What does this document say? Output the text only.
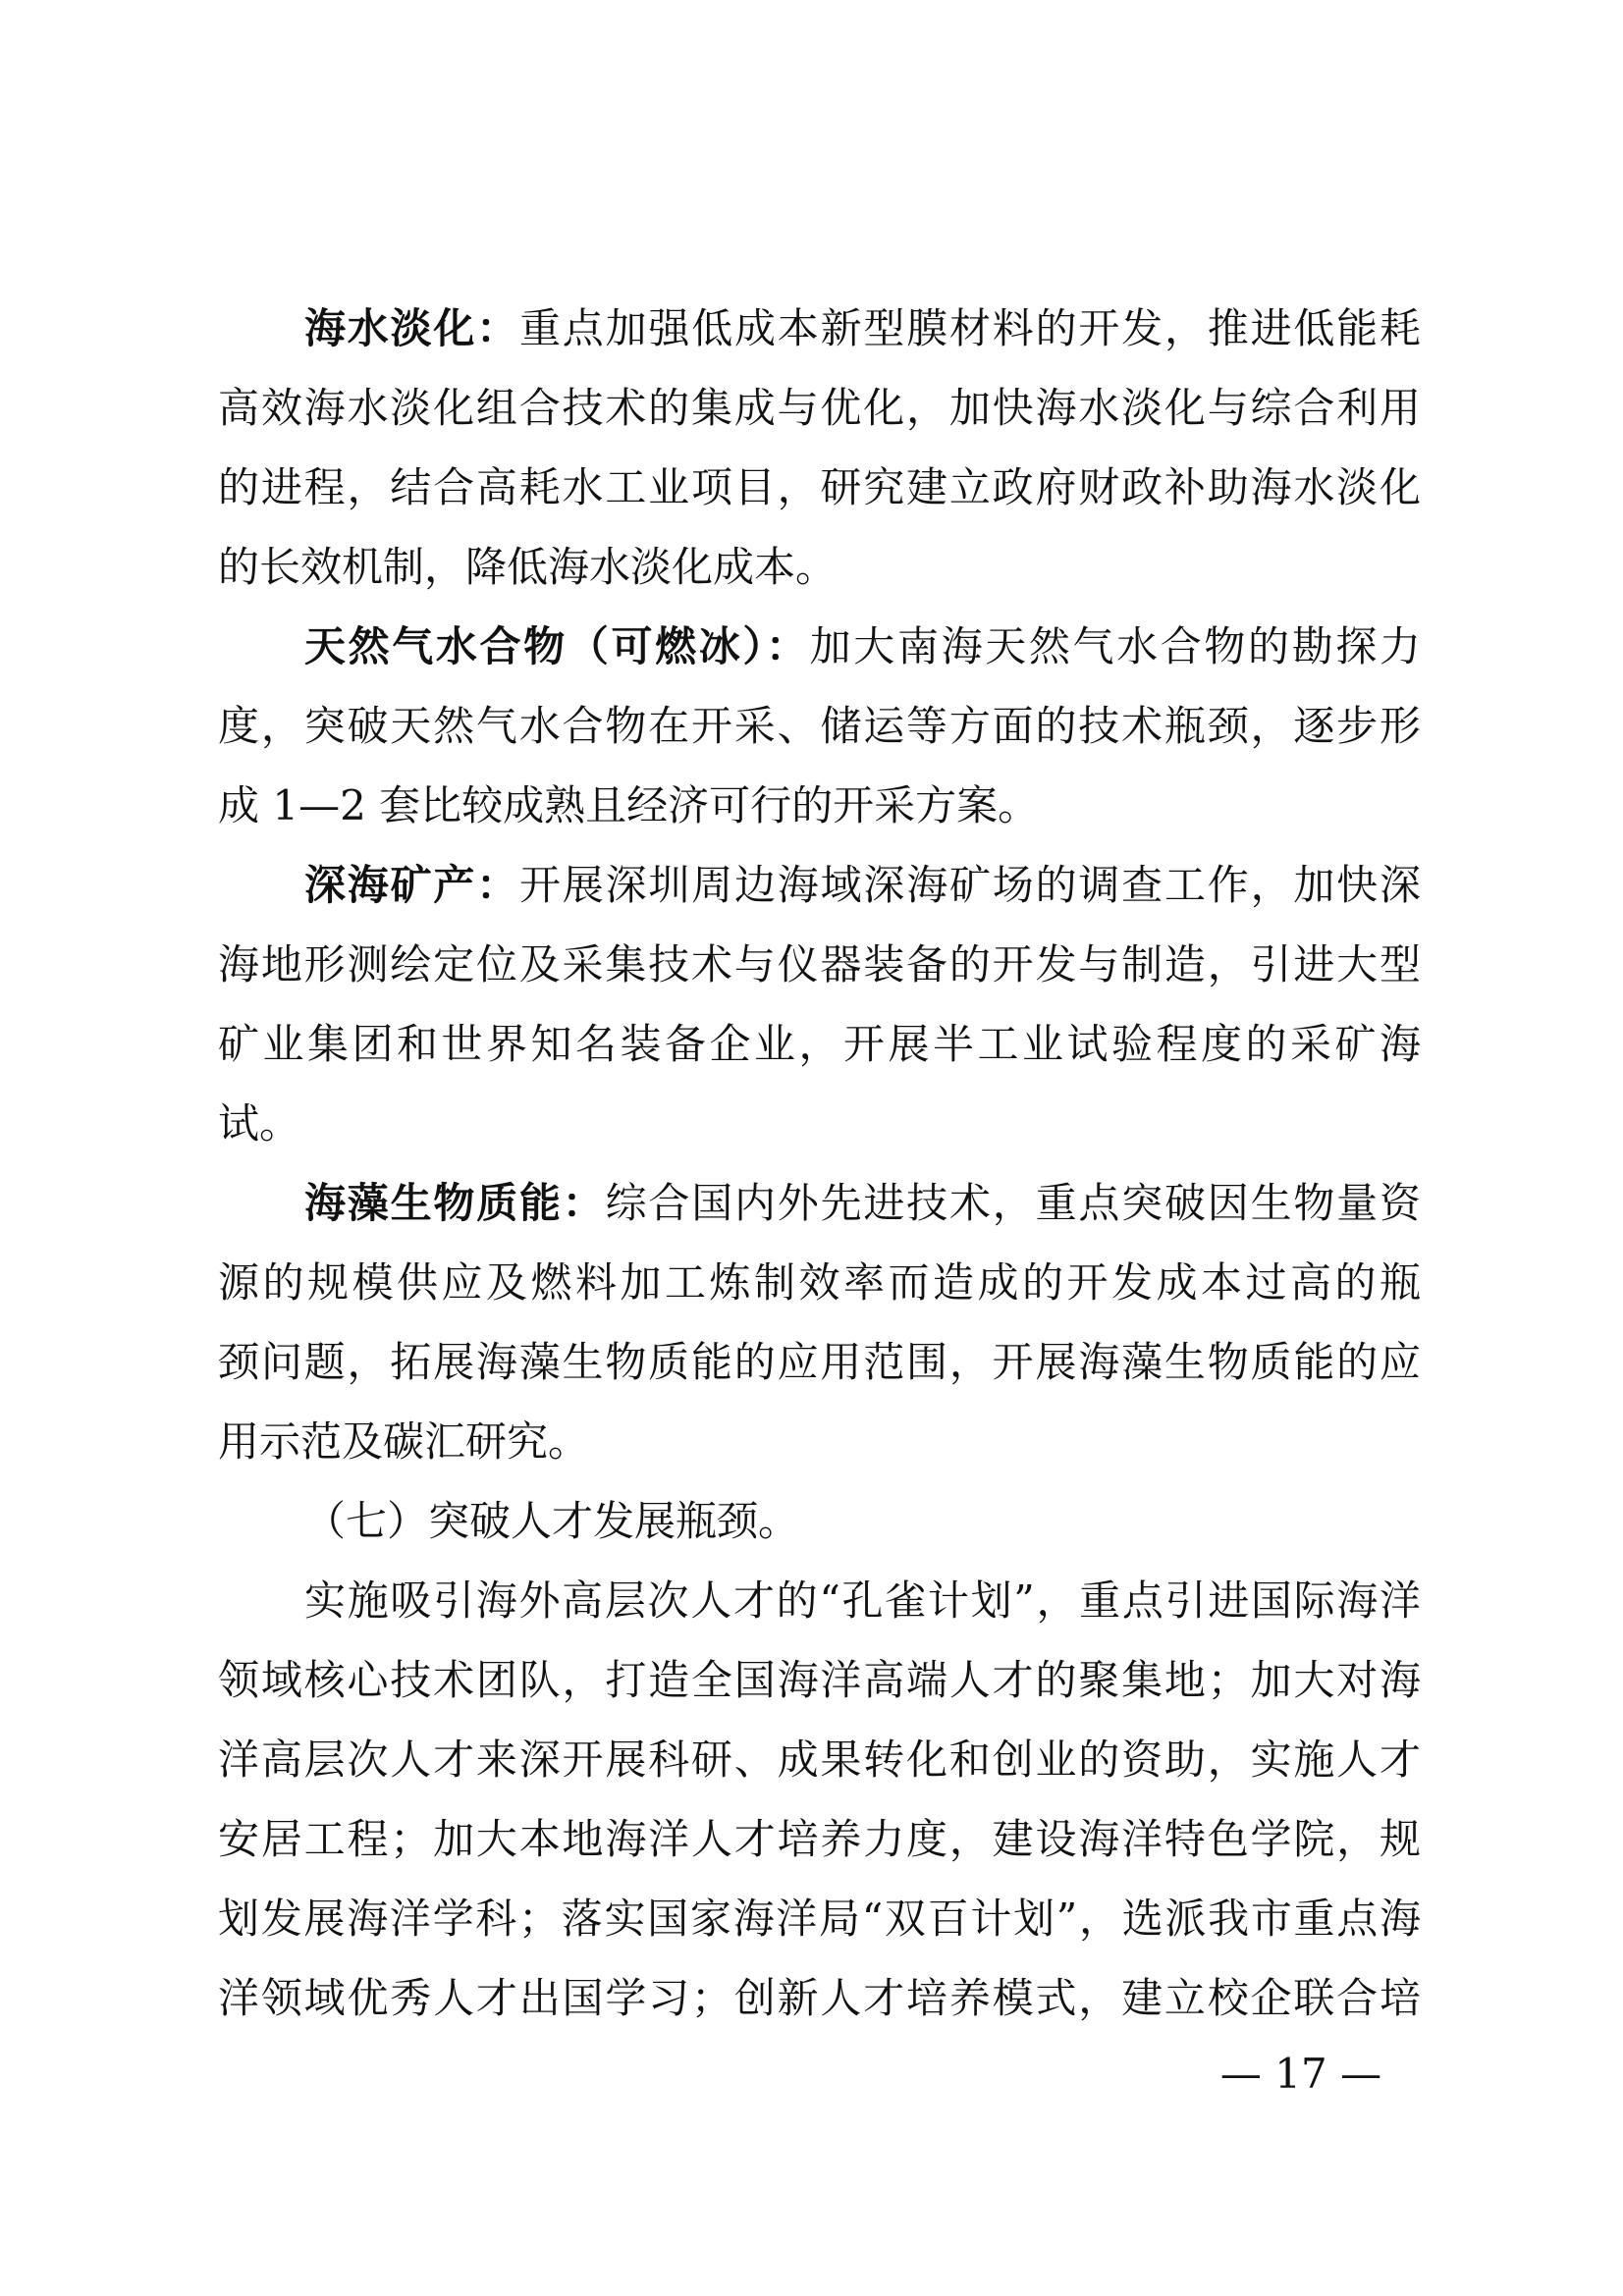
海水淡化：重点加强低成本新型膜材料的开发，推进低能耗
高效海水淡化组合技术的集成与优化，加快海水淡化与综合利用
的进程，结合高耗水工业项目，研究建立政府财政补助海水淡化
的长效机制，降低海水淡化成本。
天然气水合物（可燃冰）：加大南海天然气水合物的勘探力
度，突破天然气水合物在开采、储运等方面的技术瓶颈，逐步形
成 1—2 套比较成熟且经济可行的开采方案。
深海矿产：开展深圳周边海域深海矿场的调查工作，加快深
海地形测绘定位及采集技术与仪器装备的开发与制造，引进大型
矿业集团和世界知名装备企业，开展半工业试验程度的采矿海
试。
海藻生物质能：综合国内外先进技术，重点突破因生物量资
源的规模供应及燃料加工炼制效率而造成的开发成本过高的瓶
颈问题，拓展海藻生物质能的应用范围，开展海藻生物质能的应
用示范及碳汇研究。
（七）突破人才发展瓶颈。
实施吸引海外高层次人才的“孔雀计划”，重点引进国际海洋
领域核心技术团队，打造全国海洋高端人才的聚集地；加大对海
洋高层次人才来深开展科研、成果转化和创业的资助，实施人才
安居工程；加大本地海洋人才培养力度，建设海洋特色学院，规
划发展海洋学科；落实国家海洋局“双百计划”，选派我市重点海
洋领域优秀人才出国学习；创新人才培养模式，建立校企联合培
— 17 —
